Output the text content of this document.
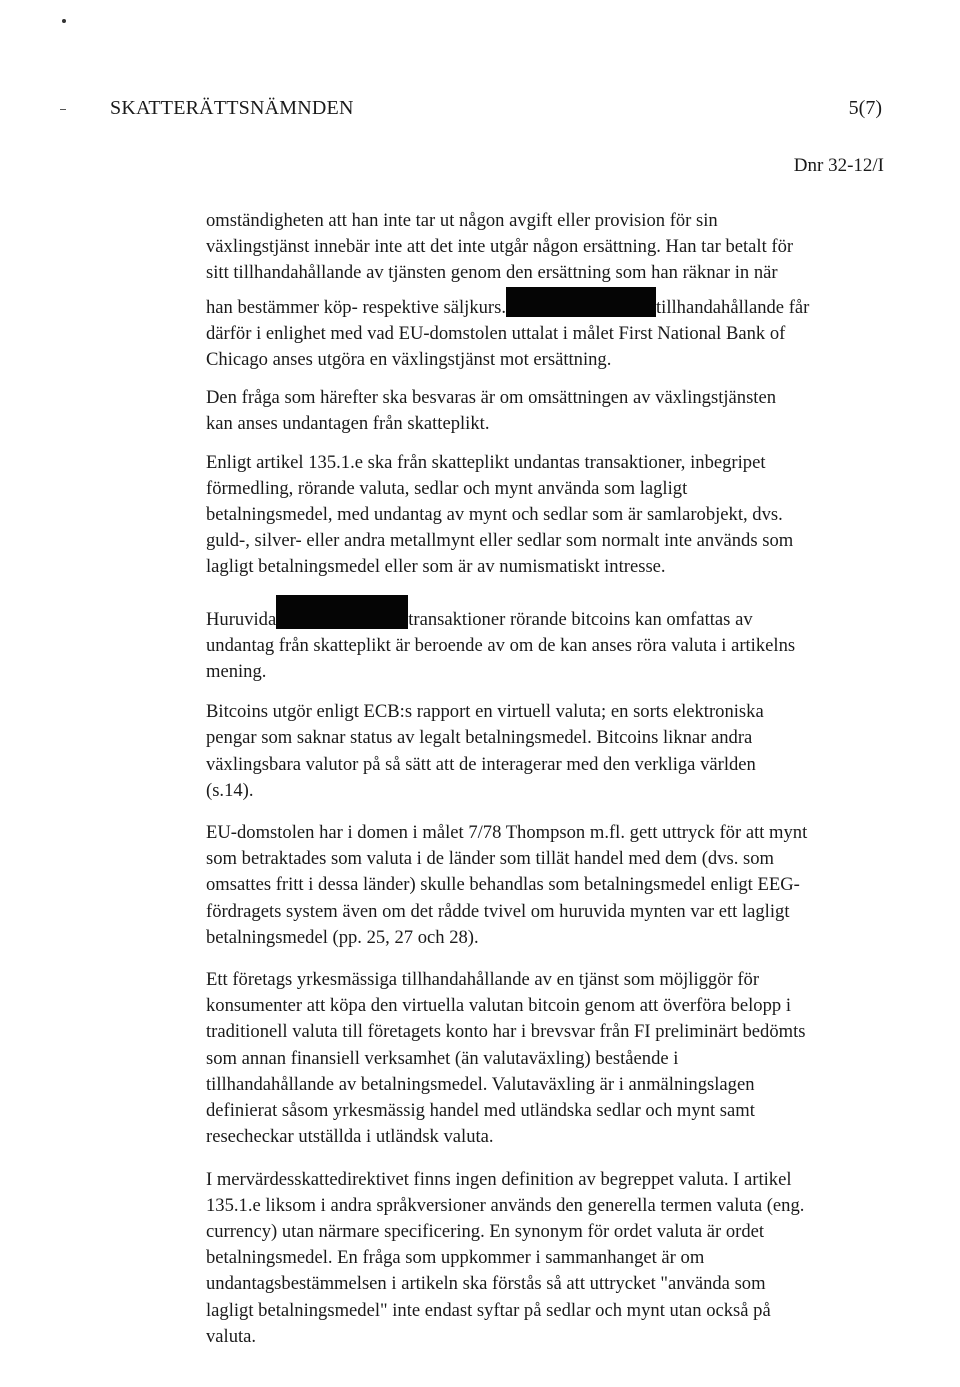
SKATTERÄTTSNÄMNDEN	5(7)
Dnr 32-12/I
omständigheten att han inte tar ut någon avgift eller provision för sin
växlingstjänst innebär inte att det inte utgår någon ersättning. Han tar betalt för
sitt tillhandahållande av tjänsten genom den ersättning som han räknar in när
han bestämmer köp- respektive säljkurs.	tillhandahållande får
därför i enlighet med vad EU-domstolen uttalat i målet First National Bank of
Chicago anses utgöra en växlingstjänst mot ersättning.
Den fråga som härefter ska besvaras är om omsättningen av växlingstjänsten
kan anses undantagen från skatteplikt.
Enligt artikel 135.1.e ska från skatteplikt undantas transaktioner, inbegripet
förmedling, rörande valuta, sedlar och mynt använda som lagligt
betalningsmedel, med undantag av mynt och sedlar som är samlarobjekt, dvs.
guld-, silver- eller andra metallmynt eller sedlar som normalt inte används som
lagligt betalningsmedel eller som är av numismatiskt intresse.
Huruvida	transaktioner rörande bitcoins kan omfattas av
undantag från skatteplikt är beroende av om de kan anses röra valuta i artikelns
mening.
Bitcoins utgör enligt ECB:s rapport en virtuell valuta; en sorts elektroniska
pengar som saknar status av legalt betalningsmedel. Bitcoins liknar andra
växlingsbara valutor på så sätt att de interagerar med den verkliga världen
(s.14).
EU-domstolen har i domen i målet 7/78 Thompson m.fl. gett uttryck för att mynt
som betraktades som valuta i de länder som tillät handel med dem (dvs. som
omsattes fritt i dessa länder) skulle behandlas som betalningsmedel enligt EEG-
fördragets system även om det rådde tvivel om huruvida mynten var ett lagligt
betalningsmedel (pp. 25, 27 och 28).
Ett företags yrkesmässiga tillhandahållande av en tjänst som möjliggör för
konsumenter att köpa den virtuella valutan bitcoin genom att överföra belopp i
traditionell valuta till företagets konto har i brevsvar från FI preliminärt bedömts
som annan finansiell verksamhet (än valutaväxling) bestående i
tillhandahållande av betalningsmedel. Valutaväxling är i anmälningslagen
definierat såsom yrkesmässig handel med utländska sedlar och mynt samt
resecheckar utställda i utländsk valuta.
I mervärdesskattedirektivet finns ingen definition av begreppet valuta. I artikel
135.1.e liksom i andra språkversioner används den generella termen valuta (eng.
currency) utan närmare specificering. En synonym för ordet valuta är ordet
betalningsmedel. En fråga som uppkommer i sammanhanget är om
undantagsbestämmelsen i artikeln ska förstås så att uttrycket "använda som
lagligt betalningsmedel" inte endast syftar på sedlar och mynt utan också på
valuta.
